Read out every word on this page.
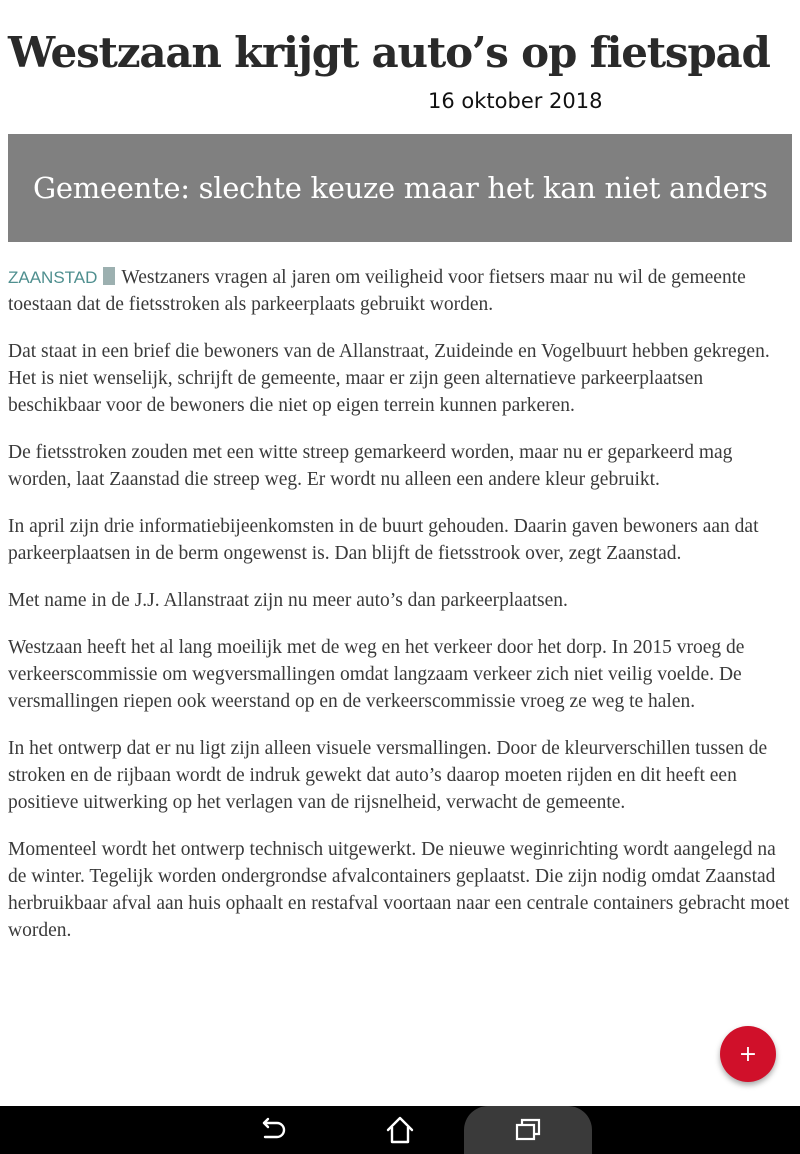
Westzaan krijgt auto’s op fietspad
16 oktober 2018
Gemeente: slechte keuze maar het kan niet anders

ZAANSTAD Westzaners vragen al jaren om veiligheid voor fietsers maar nu wil de gemeente toestaan dat de fietsstroken als parkeerplaats gebruikt worden.

Dat staat in een brief die bewoners van de Allanstraat, Zuideinde en Vogelbuurt hebben gekregen. Het is niet wenselijk, schrijft de gemeente, maar er zijn geen alternatieve parkeerplaatsen beschikbaar voor de bewoners die niet op eigen terrein kunnen parkeren.

De fietsstroken zouden met een witte streep gemarkeerd worden, maar nu er geparkeerd mag worden, laat Zaanstad die streep weg. Er wordt nu alleen een andere kleur gebruikt.

In april zijn drie informatiebijeenkomsten in de buurt gehouden. Daarin gaven bewoners aan dat parkeerplaatsen in de berm ongewenst is. Dan blijft de fietsstrook over, zegt Zaanstad.

Met name in de J.J. Allanstraat zijn nu meer auto’s dan parkeerplaatsen.

Westzaan heeft het al lang moeilijk met de weg en het verkeer door het dorp. In 2015 vroeg de verkeerscommissie om wegversmallingen omdat langzaam verkeer zich niet veilig voelde. De versmallingen riepen ook weerstand op en de verkeerscommissie vroeg ze weg te halen.

In het ontwerp dat er nu ligt zijn alleen visuele versmallingen. Door de kleurverschillen tussen de stroken en de rijbaan wordt de indruk gewekt dat auto’s daarop moeten rijden en dit heeft een positieve uitwerking op het verlagen van de rijsnelheid, verwacht de gemeente.

Momenteel wordt het ontwerp technisch uitgewerkt. De nieuwe weginrichting wordt aangelegd na de winter. Tegelijk worden ondergrondse afvalcontainers geplaatst. Die zijn nodig omdat Zaanstad herbruikbaar afval aan huis ophaalt en restafval voortaan naar een centrale containers gebracht moet worden.

+
